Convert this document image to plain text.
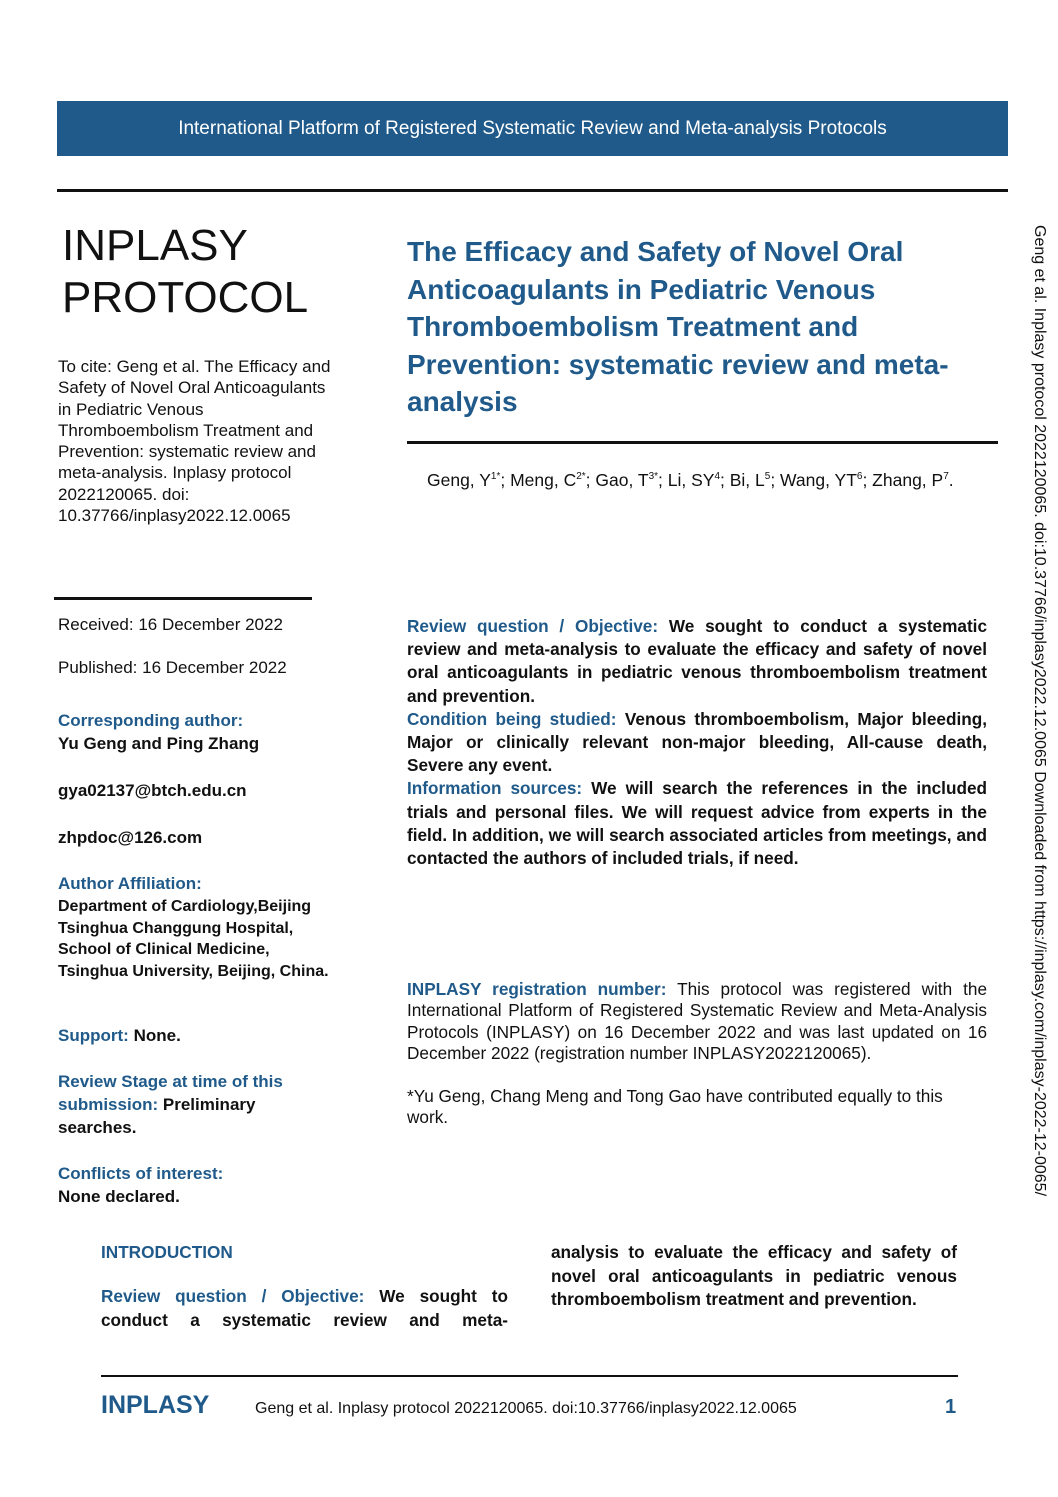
International Platform of Registered Systematic Review and Meta-analysis Protocols
INPLASY
PROTOCOL
To cite: Geng et al. The Efficacy and Safety of Novel Oral Anticoagulants in Pediatric Venous Thromboembolism Treatment and Prevention: systematic review and meta-analysis. Inplasy protocol 2022120065. doi: 10.37766/inplasy2022.12.0065
Received: 16 December 2022
Published: 16 December 2022
Corresponding author:
Yu Geng and Ping Zhang
gya02137@btch.edu.cn
zhpdoc@126.com
Author Affiliation:
Department of Cardiology,Beijing Tsinghua Changgung Hospital, School of Clinical Medicine, Tsinghua University, Beijing, China.
Support: None.
Review Stage at time of this submission: Preliminary searches.
Conflicts of interest:
None declared.
The Efficacy and Safety of Novel Oral Anticoagulants in Pediatric Venous Thromboembolism Treatment and Prevention: systematic review and meta-analysis
Geng, $Y^{1*}$; Meng, $C^{2*}$; Gao, $T^{3*}$; Li, $SY^4$; Bi, $L^5$; Wang, $YT^6$; Zhang, $P^7$.

Review question / Objective: We sought to conduct a systematic review and meta-analysis to evaluate the efficacy and safety of novel oral anticoagulants in pediatric venous thromboembolism treatment and prevention.

Condition being studied: Venous thromboembolism, Major bleeding, Major or clinically relevant non-major bleeding, All-cause death, Severe any event.

Information sources: We will search the references in the included trials and personal files. We will request advice from experts in the field. In addition, we will search associated articles from meetings, and contacted the authors of included trials, if need.

INPLASY registration number: This protocol was registered with the International Platform of Registered Systematic Review and Meta-Analysis Protocols (INPLASY) on 16 December 2022 and was last updated on 16 December 2022 (registration number INPLASY2022120065).

*Yu Geng, Chang Meng and Tong Gao have contributed equally to this work.

INTRODUCTION
Review question / Objective: We sought to conduct a systematic review and meta-
analysis to evaluate the efficacy and safety of novel oral anticoagulants in pediatric venous thromboembolism treatment and prevention.
INPLASY	Geng et al. Inplasy protocol 2022120065. doi:10.37766/inplasy2022.12.0065	1
Geng et al. Inplasy protocol 2022120065. doi:10.37766/inplasy2022.12.0065 Downloaded from https://inplasy.com/inplasy-2022-12-0065/
